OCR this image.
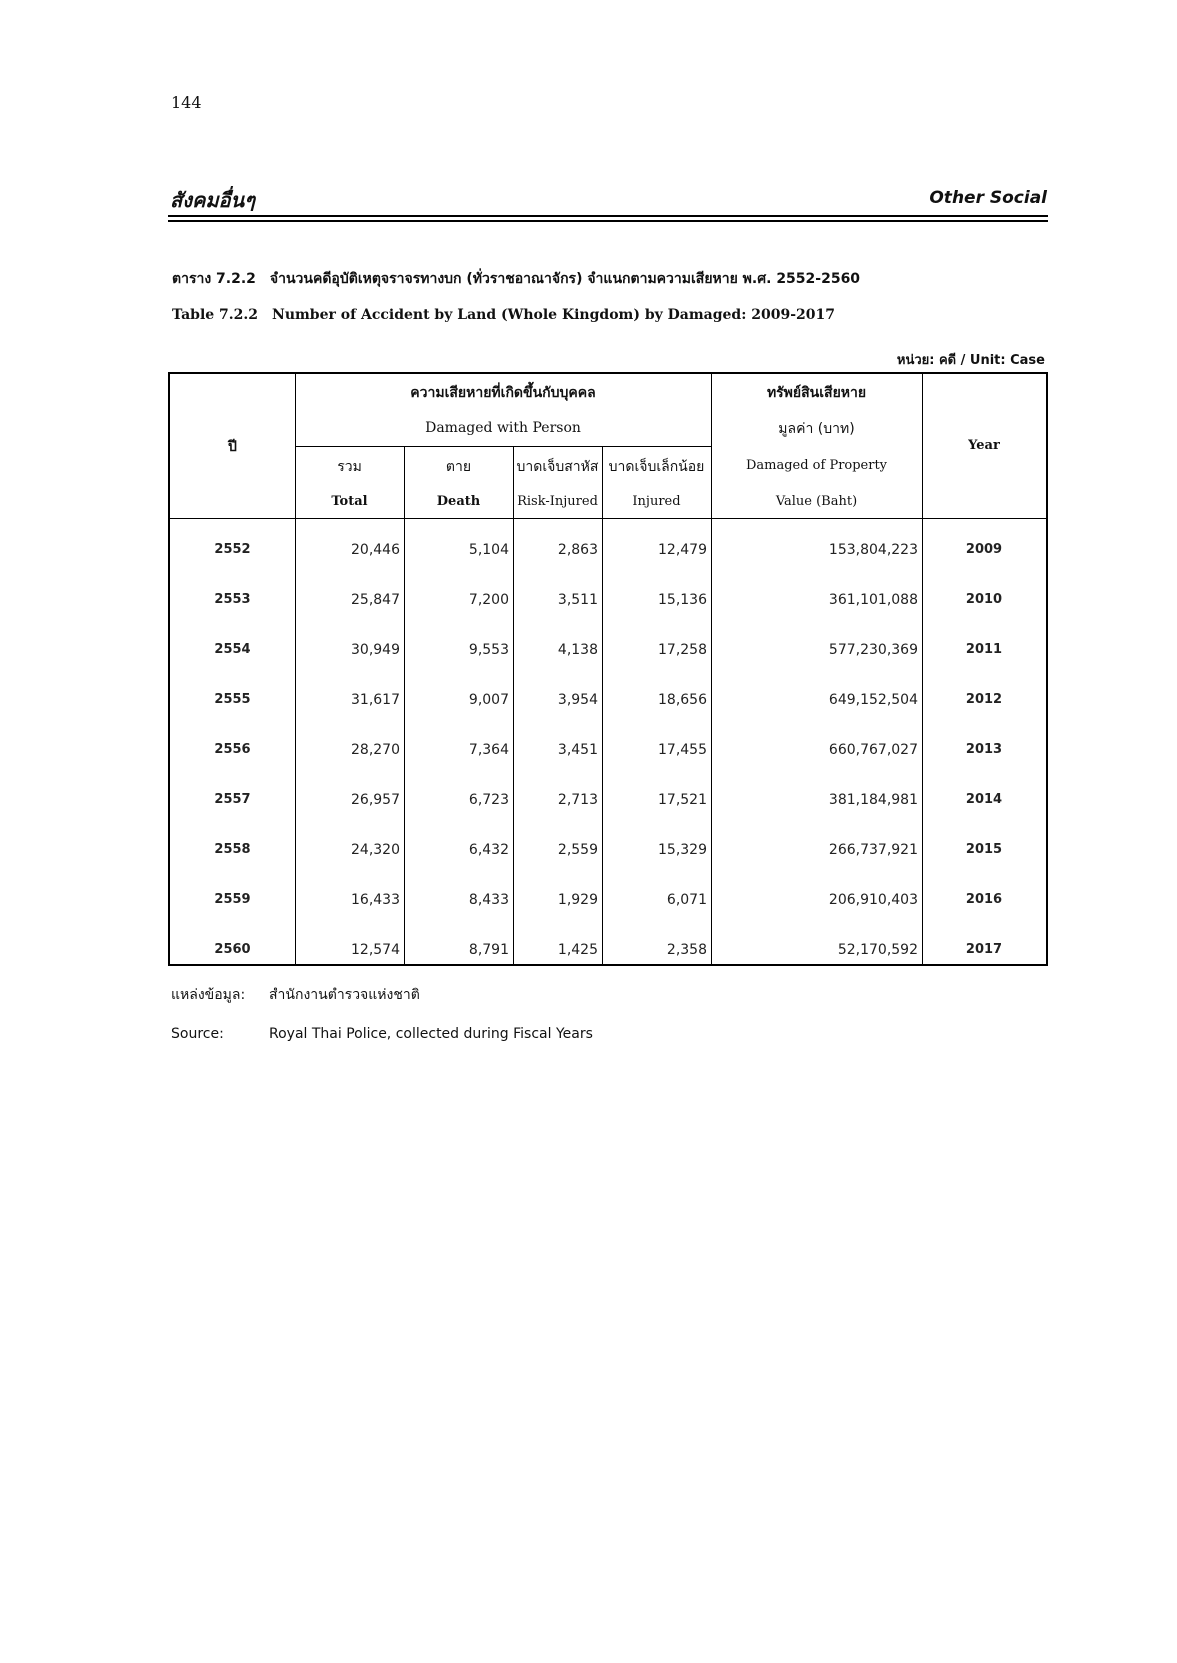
144
สังคมอื่นๆ	Other Social
ตาราง 7.2.2 จำนวนคดีอุบัติเหตุจราจรทางบก (ทั่วราชอาณาจักร) จำแนกตามความเสียหาย พ.ศ. 2552-2560
Table 7.2.2 Number of Accident by Land (Whole Kingdom) by Damaged: 2009-2017
หน่วย: คดี / Unit: Case
ปี	Year
ความเสียหายที่เกิดขึ้นกับบุคคล
Damaged with Person
ทรัพย์สินเสียหาย
มูลค่า (บาท)
Damaged of Property
Value (Baht)
รวม
Total
ตาย
Death
บาดเจ็บสาหัส
Risk-Injured
บาดเจ็บเล็กน้อย
Injured
2552	20,446	5,104	2,863	12,479	153,804,223	2009
2553	25,847	7,200	3,511	15,136	361,101,088	2010
2554	30,949	9,553	4,138	17,258	577,230,369	2011
2555	31,617	9,007	3,954	18,656	649,152,504	2012
2556	28,270	7,364	3,451	17,455	660,767,027	2013
2557	26,957	6,723	2,713	17,521	381,184,981	2014
2558	24,320	6,432	2,559	15,329	266,737,921	2015
2559	16,433	8,433	1,929	6,071	206,910,403	2016
2560	12,574	8,791	1,425	2,358	52,170,592	2017
แหล่งข้อมูล: สำนักงานตำรวจแห่งชาติ
Source:	Royal Thai Police, collected during Fiscal Years
